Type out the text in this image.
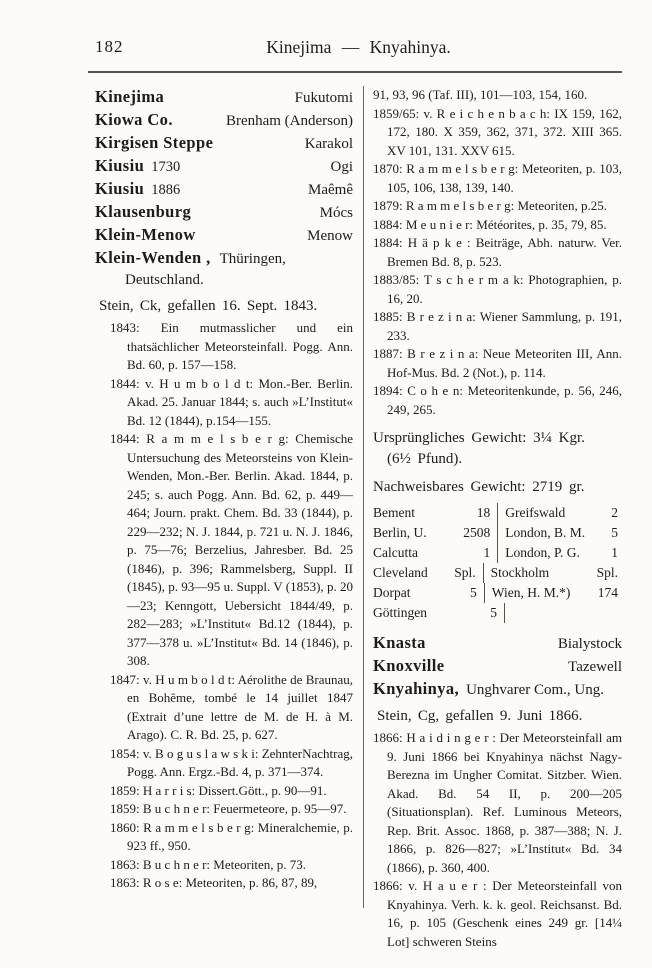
182	Kinejima — Knyahinya.
Kinejima	Fukutomi
Kiowa Co.	Brenham (Anderson)
Kirgisen Steppe	Karakol
Kiusiu 1730	Ogi
Kiusiu 1886	Maêmê
Klausenburg	Mócs
Klein-Menow	Menow
Klein-Wenden , Thüringen,
Deutschland.
Stein, Ck, gefallen 16. Sept. 1843.

1843: Ein mutmasslicher und ein thatsächlicher Meteorsteinfall. Pogg. Ann. Bd. 60, p. 157—158.

1844: v. H u m b o l d t: Mon.-Ber. Berlin. Akad. 25. Januar 1844; s. auch »L’Institut« Bd. 12 (1844), p.154—155.

1844: R a m m e l s b e r g: Chemische Untersuchung des Meteorsteins von Klein-Wenden, Mon.-Ber. Berlin. Akad. 1844, p. 245; s. auch Pogg. Ann. Bd. 62, p. 449—464; Journ. prakt. Chem. Bd. 33 (1844), p. 229—232; N. J. 1844, p. 721 u. N. J. 1846, p. 75—76; Berzelius, Jahresber. Bd. 25 (1846), p. 396; Rammelsberg, Suppl. II (1845), p. 93—95 u. Suppl. V (1853), p. 20—23; Kenngott, Uebersicht 1844/49, p. 282—283; »L’Institut« Bd.12 (1844), p. 377—378 u. »L’Institut« Bd. 14 (1846), p. 308.

1847: v. H u m b o l d t: Aérolithe de Braunau, en Bohême, tombé le 14 juillet 1847 (Extrait d’une lettre de M. de H. à M. Arago). C. R. Bd. 25, p. 627.

1854: v. B o g u s l a w s k i: ZehnterNachtrag, Pogg. Ann. Ergz.-Bd. 4, p. 371—374.

1859: H a r r i s: Dissert.Gött., p. 90—91.

1859: B u c h n e r: Feuermeteore, p. 95—97.

1860: R a m m e l s b e r g: Mineralchemie, p. 923 ff., 950.

1863: B u c h n e r: Meteoriten, p. 73.

1863: R o s e: Meteoriten, p. 86, 87, 89,

91, 93, 96 (Taf. III), 101—103, 154, 160.

1859/65: v. R e i c h e n b a c h: IX 159, 162, 172, 180. X 359, 362, 371, 372. XIII 365. XV 101, 131. XXV 615.

1870: R a m m e l s b e r g: Meteoriten, p. 103, 105, 106, 138, 139, 140.

1879: R a m m e l s b e r g: Meteoriten, p.25.

1884: M e u n i e r: Météorites, p. 35, 79, 85.

1884: H ä p k e : Beiträge, Abh. naturw. Ver. Bremen Bd. 8, p. 523.

1883/85: T s c h e r m a k: Photographien, p. 16, 20.

1885: B r e z i n a: Wiener Sammlung, p. 191, 233.

1887: B r e z i n a: Neue Meteoriten III, Ann. Hof-Mus. Bd. 2 (Not.), p. 114.

1894: C o h e n: Meteoritenkunde, p. 56, 246, 249, 265.

Ursprüngliches Gewicht: 3¼ Kgr.
(6½ Pfund).
Nachweisbares Gewicht: 2719 gr.
Bement	18	Greifswald	2
Berlin, U.	2508	London, B. M.	5
Calcutta	1	London, P. G.	1
Cleveland	Spl.	Stockholm	Spl.
Dorpat	5	Wien, H. M.*)	174
Göttingen	5
Knasta	Bialystock
Knoxville	Tazewell
Knyahinya, Unghvarer Com., Ung.
Stein, Cg, gefallen 9. Juni 1866.

1866: H a i d i n g e r : Der Meteorsteinfall am 9. Juni 1866 bei Knyahinya nächst Nagy-Berezna im Ungher Comitat. Sitzber. Wien. Akad. Bd. 54 II, p. 200—205 (Situationsplan). Ref. Luminous Meteors, Rep. Brit. Assoc. 1868, p. 387—388; N. J. 1866, p. 826—827; »L’Institut« Bd. 34 (1866), p. 360, 400.

1866: v. H a u e r : Der Meteorsteinfall von Knyahinya. Verh. k. k. geol. Reichsanst. Bd. 16, p. 105 (Geschenk eines 249 gr. [14¼ Lot] schweren Steins
